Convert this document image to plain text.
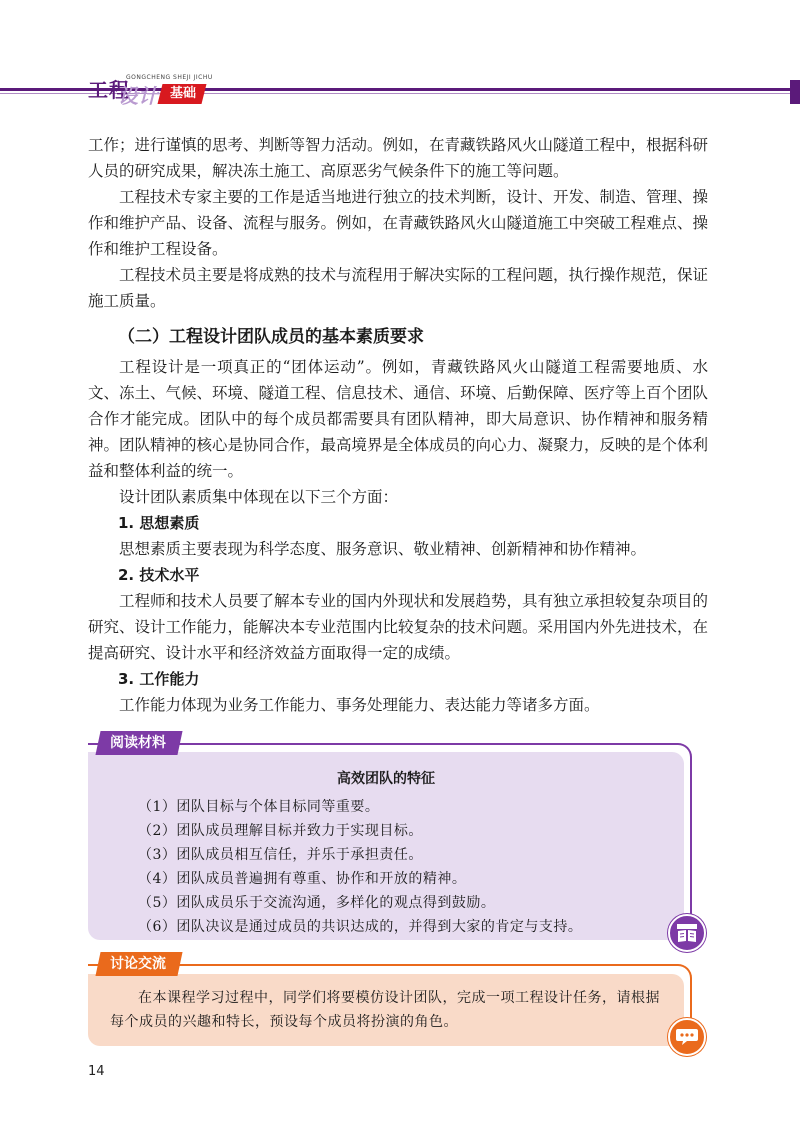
工程
GONGCHENG SHEJI JICHU
设计 基础

工作；进行谨慎的思考、判断等智力活动。例如，在青藏铁路风火山隧道工程中，根据科研人员的研究成果，解决冻土施工、高原恶劣气候条件下的施工等问题。

工程技术专家主要的工作是适当地进行独立的技术判断，设计、开发、制造、管理、操作和维护产品、设备、流程与服务。例如，在青藏铁路风火山隧道施工中突破工程难点、操作和维护工程设备。

工程技术员主要是将成熟的技术与流程用于解决实际的工程问题，执行操作规范，保证施工质量。

（二）工程设计团队成员的基本素质要求

工程设计是一项真正的“团体运动”。例如，青藏铁路风火山隧道工程需要地质、水文、冻土、气候、环境、隧道工程、信息技术、通信、环境、后勤保障、医疗等上百个团队合作才能完成。团队中的每个成员都需要具有团队精神，即大局意识、协作精神和服务精神。团队精神的核心是协同合作，最高境界是全体成员的向心力、凝聚力，反映的是个体利益和整体利益的统一。

设计团队素质集中体现在以下三个方面：

1. 思想素质

思想素质主要表现为科学态度、服务意识、敬业精神、创新精神和协作精神。

2. 技术水平

工程师和技术人员要了解本专业的国内外现状和发展趋势，具有独立承担较复杂项目的研究、设计工作能力，能解决本专业范围内比较复杂的技术问题。采用国内外先进技术，在提高研究、设计水平和经济效益方面取得一定的成绩。

3. 工作能力

工作能力体现为业务工作能力、事务处理能力、表达能力等诸多方面。

高效团队的特征
（1）团队目标与个体目标同等重要。
（2）团队成员理解目标并致力于实现目标。
（3）团队成员相互信任，并乐于承担责任。
（4）团队成员普遍拥有尊重、协作和开放的精神。
（5）团队成员乐于交流沟通，多样化的观点得到鼓励。
（6）团队决议是通过成员的共识达成的，并得到大家的肯定与支持。
阅读材料
在本课程学习过程中，同学们将要模仿设计团队，完成一项工程设计任务，请根据每个成员的兴趣和特长，预设每个成员将扮演的角色。
讨论交流
14
